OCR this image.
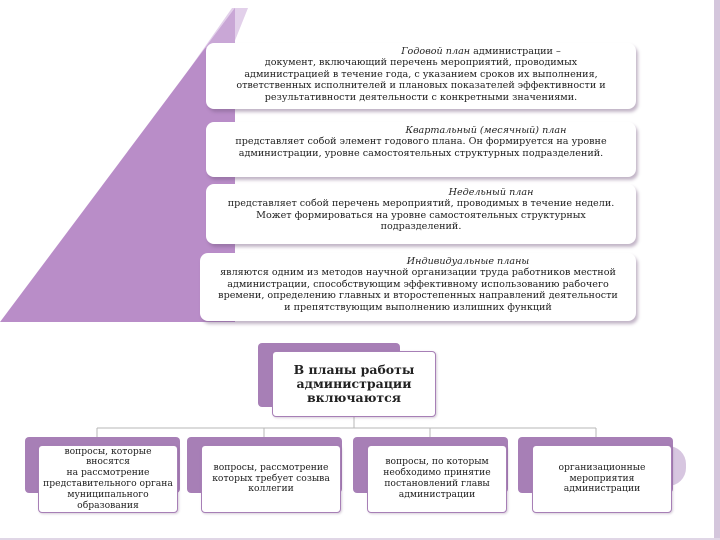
Годовой план администрации –
документ, включающий перечень мероприятий, проводимых
администрацией в течение года, с указанием сроков их выполнения,
ответственных исполнителей и плановых показателей эффективности и
результативности деятельности с конкретными значениями.
Квартальный (месячный) план
представляет собой элемент годового плана. Он формируется на уровне
администрации, уровне самостоятельных структурных подразделений.
Недельный план
представляет собой перечень мероприятий, проводимых в течение недели.
Может формироваться на уровне самостоятельных структурных
подразделений.
Индивидуальные планы
являются одним из методов научной организации труда работников местной
администрации, способствующим эффективному использованию рабочего
времени, определению главных и второстепенных направлений деятельности
и препятствующим выполнению излишних функций
В планы работы
администрации
включаются
вопросы, которые вносятся
на рассмотрение
представительного органа
муниципального
образования
вопросы, рассмотрение
которых требует созыва
коллегии
вопросы, по которым
необходимо принятие
постановлений главы
администрации
организационные
мероприятия
администрации
